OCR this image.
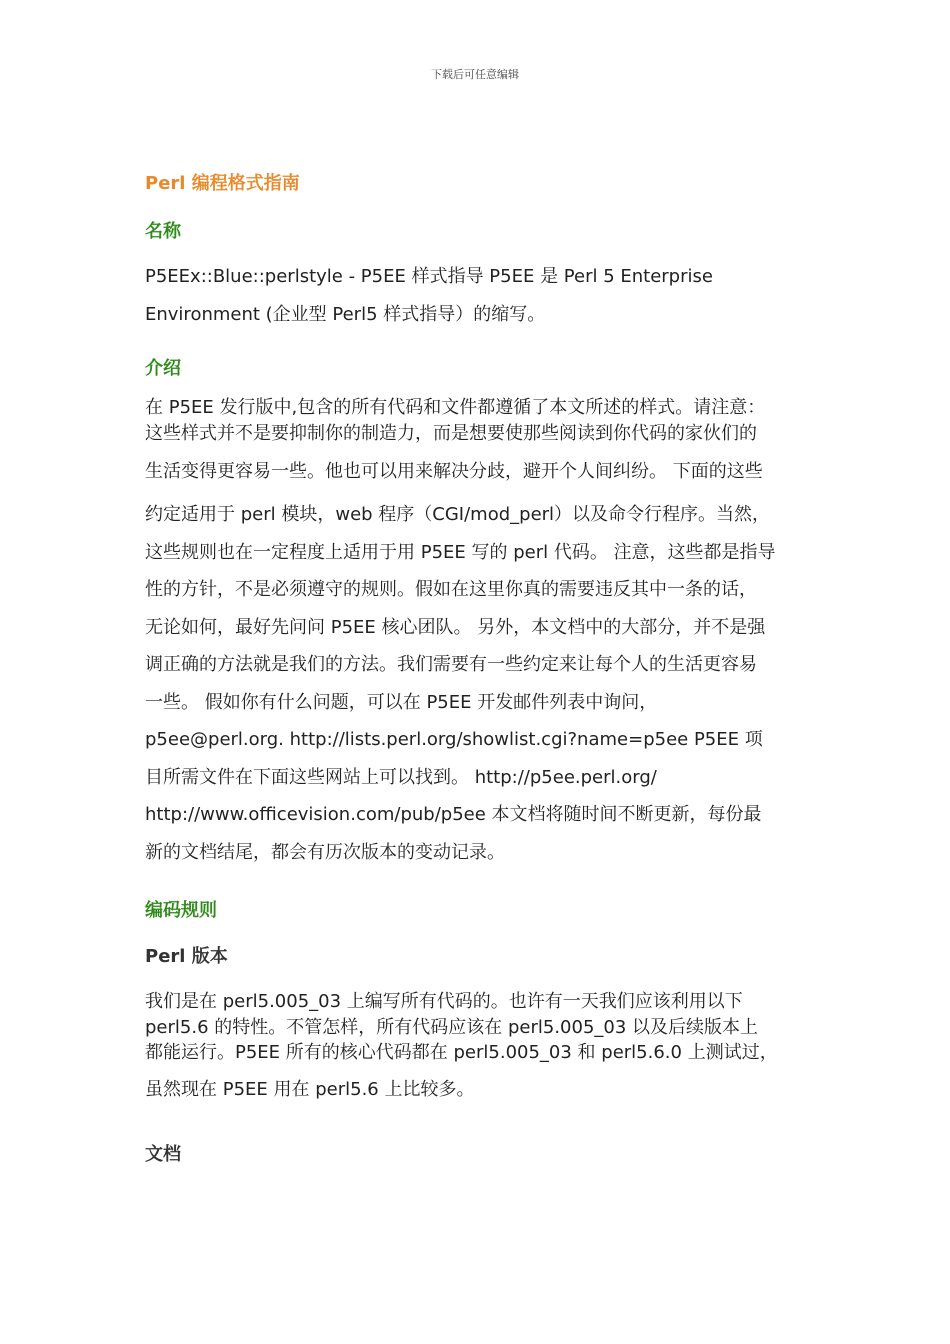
下载后可任意编辑
Perl 编程格式指南
名称
P5EEx::Blue::perlstyle - P5EE 样式指导 P5EE 是 Perl 5 Enterprise
Environment (企业型 Perl5 样式指导）的缩写。
介绍
在 P5EE 发行版中,包含的所有代码和文件都遵循了本文所述的样式。请注意：
这些样式并不是要抑制你的制造力，而是想要使那些阅读到你代码的家伙们的
生活变得更容易一些。他也可以用来解决分歧，避开个人间纠纷。 下面的这些
约定适用于 perl 模块，web 程序（CGI/mod_perl）以及命令行程序。当然，
这些规则也在一定程度上适用于用 P5EE 写的 perl 代码。 注意，这些都是指导
性的方针，不是必须遵守的规则。假如在这里你真的需要违反其中一条的话，
无论如何，最好先问问 P5EE 核心团队。 另外，本文档中的大部分，并不是强
调正确的方法就是我们的方法。我们需要有一些约定来让每个人的生活更容易
一些。 假如你有什么问题，可以在 P5EE 开发邮件列表中询问，
p5ee@perl.org. http://lists.perl.org/showlist.cgi?name=p5ee P5EE 项
目所需文件在下面这些网站上可以找到。 http://p5ee.perl.org/
http://www.officevision.com/pub/p5ee 本文档将随时间不断更新，每份最
新的文档结尾，都会有历次版本的变动记录。
编码规则
Perl 版本
我们是在 perl5.005_03 上编写所有代码的。也许有一天我们应该利用以下
perl5.6 的特性。不管怎样，所有代码应该在 perl5.005_03 以及后续版本上
都能运行。P5EE 所有的核心代码都在 perl5.005_03 和 perl5.6.0 上测试过，
虽然现在 P5EE 用在 perl5.6 上比较多。
文档
